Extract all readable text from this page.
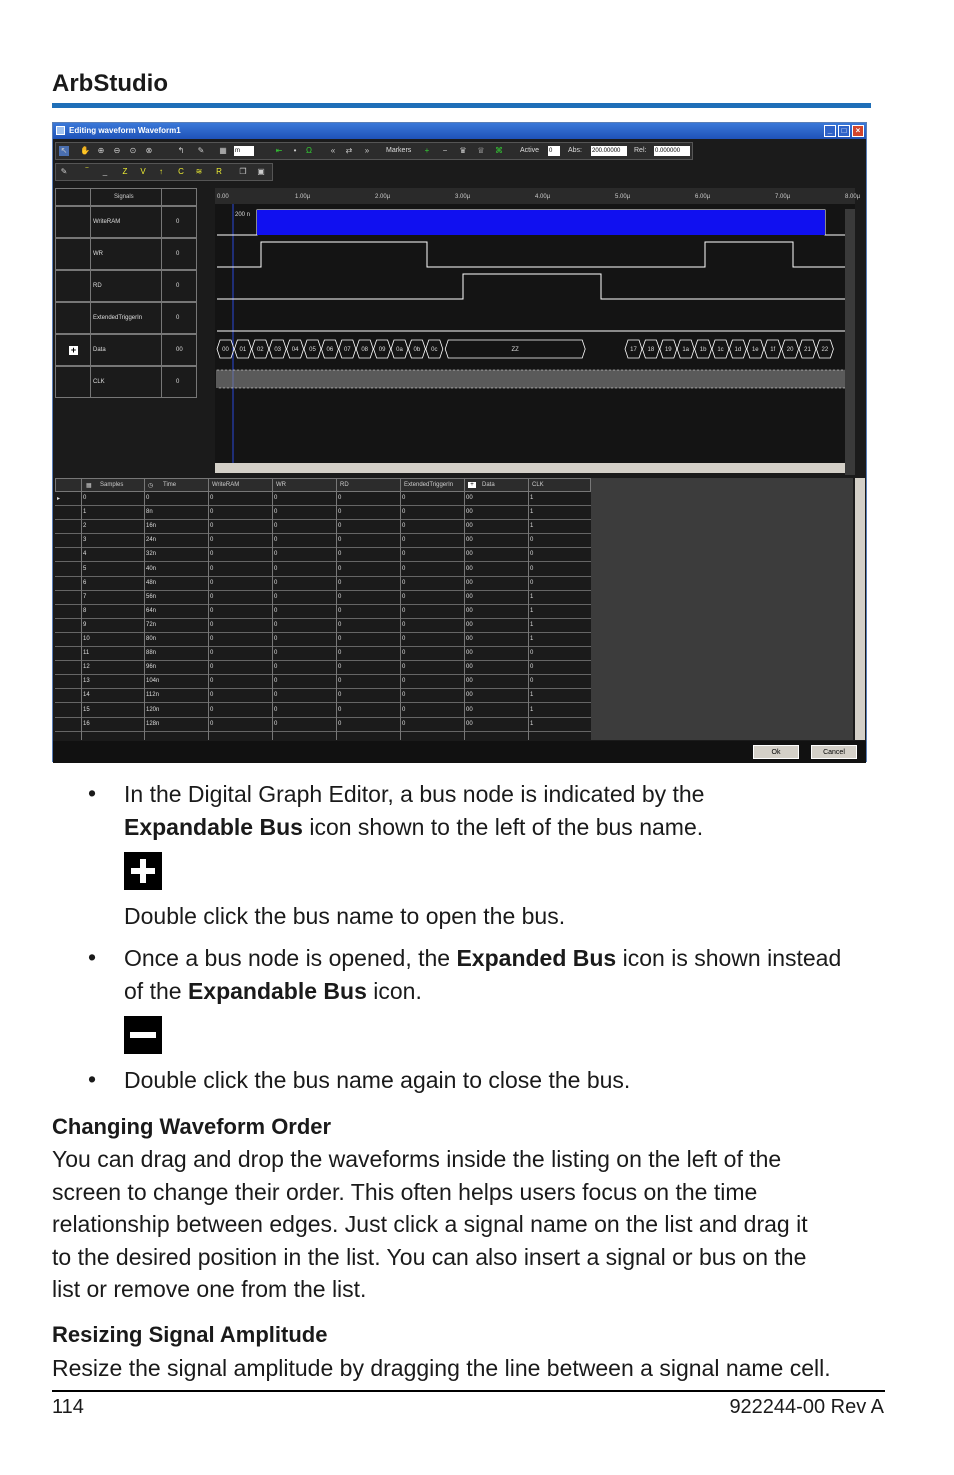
ArbStudio
Editing waveform Waveform1	_	□	×
↖ ✋ ⊕ ⊖ ⊙ ⊗	↰ ✎ ▦ m	⇤	•	Ω	«	⇄	»	Markers	+	−	♛ ♕ ⌘ Active 0	Abs: 200.00000	Rel: 0.000000
✎	‾	_	Z	V	↑	C ≋ R ❐ ▣
Signals
WriteRAM	0
WR	0
RD	0
ExtendedTriggerIn	0
+	Data	00
CLK	0
0.00	1.00µ	2.00µ	3.00µ	4.00µ	5.00µ	6.00µ	7.00µ	8.00µ
200 n
00 01 02 03 04 05 06 07 08 09 0a 0b 0c	ZZ	17 18 19 1a 1b 1c 1d 1e 1f 20 21 22
▦ Samples	◷ Time	WriteRAM	WR	RD	ExtendedTriggerIn	+	Data	CLK
▸	0	0	0	0	0	0	00	1
1	8n	0	0	0	0	00	1
2	16n	0	0	0	0	00	1
3	24n	0	0	0	0	00	0
4	32n	0	0	0	0	00	0
5	40n	0	0	0	0	00	0
6	48n	0	0	0	0	00	0
7	56n	0	0	0	0	00	1
8	64n	0	0	0	0	00	1
9	72n	0	0	0	0	00	1
10	80n	0	0	0	0	00	1
11	88n	0	0	0	0	00	0
12	96n	0	0	0	0	00	0
13	104n	0	0	0	0	00	0
14	112n	0	0	0	0	00	1
15	120n	0	0	0	0	00	1
16	128n	0	0	0	0	00	1
Ok	Cancel
• In the Digital Graph Editor, a bus node is indicated by the
Expandable Bus icon shown to the left of the bus name.
Double click the bus name to open the bus.
• Once a bus node is opened, the Expanded Bus icon is shown instead
of the Expandable Bus icon.
• Double click the bus name again to close the bus.
Changing Waveform Order
You can drag and drop the waveforms inside the listing on the left of the
screen to change their order. This often helps users focus on the time
relationship between edges. Just click a signal name on the list and drag it
to the desired position in the list. You can also insert a signal or bus on the
list or remove one from the list.
Resizing Signal Amplitude
Resize the signal amplitude by dragging the line between a signal name cell.
114	922244-00 Rev A
